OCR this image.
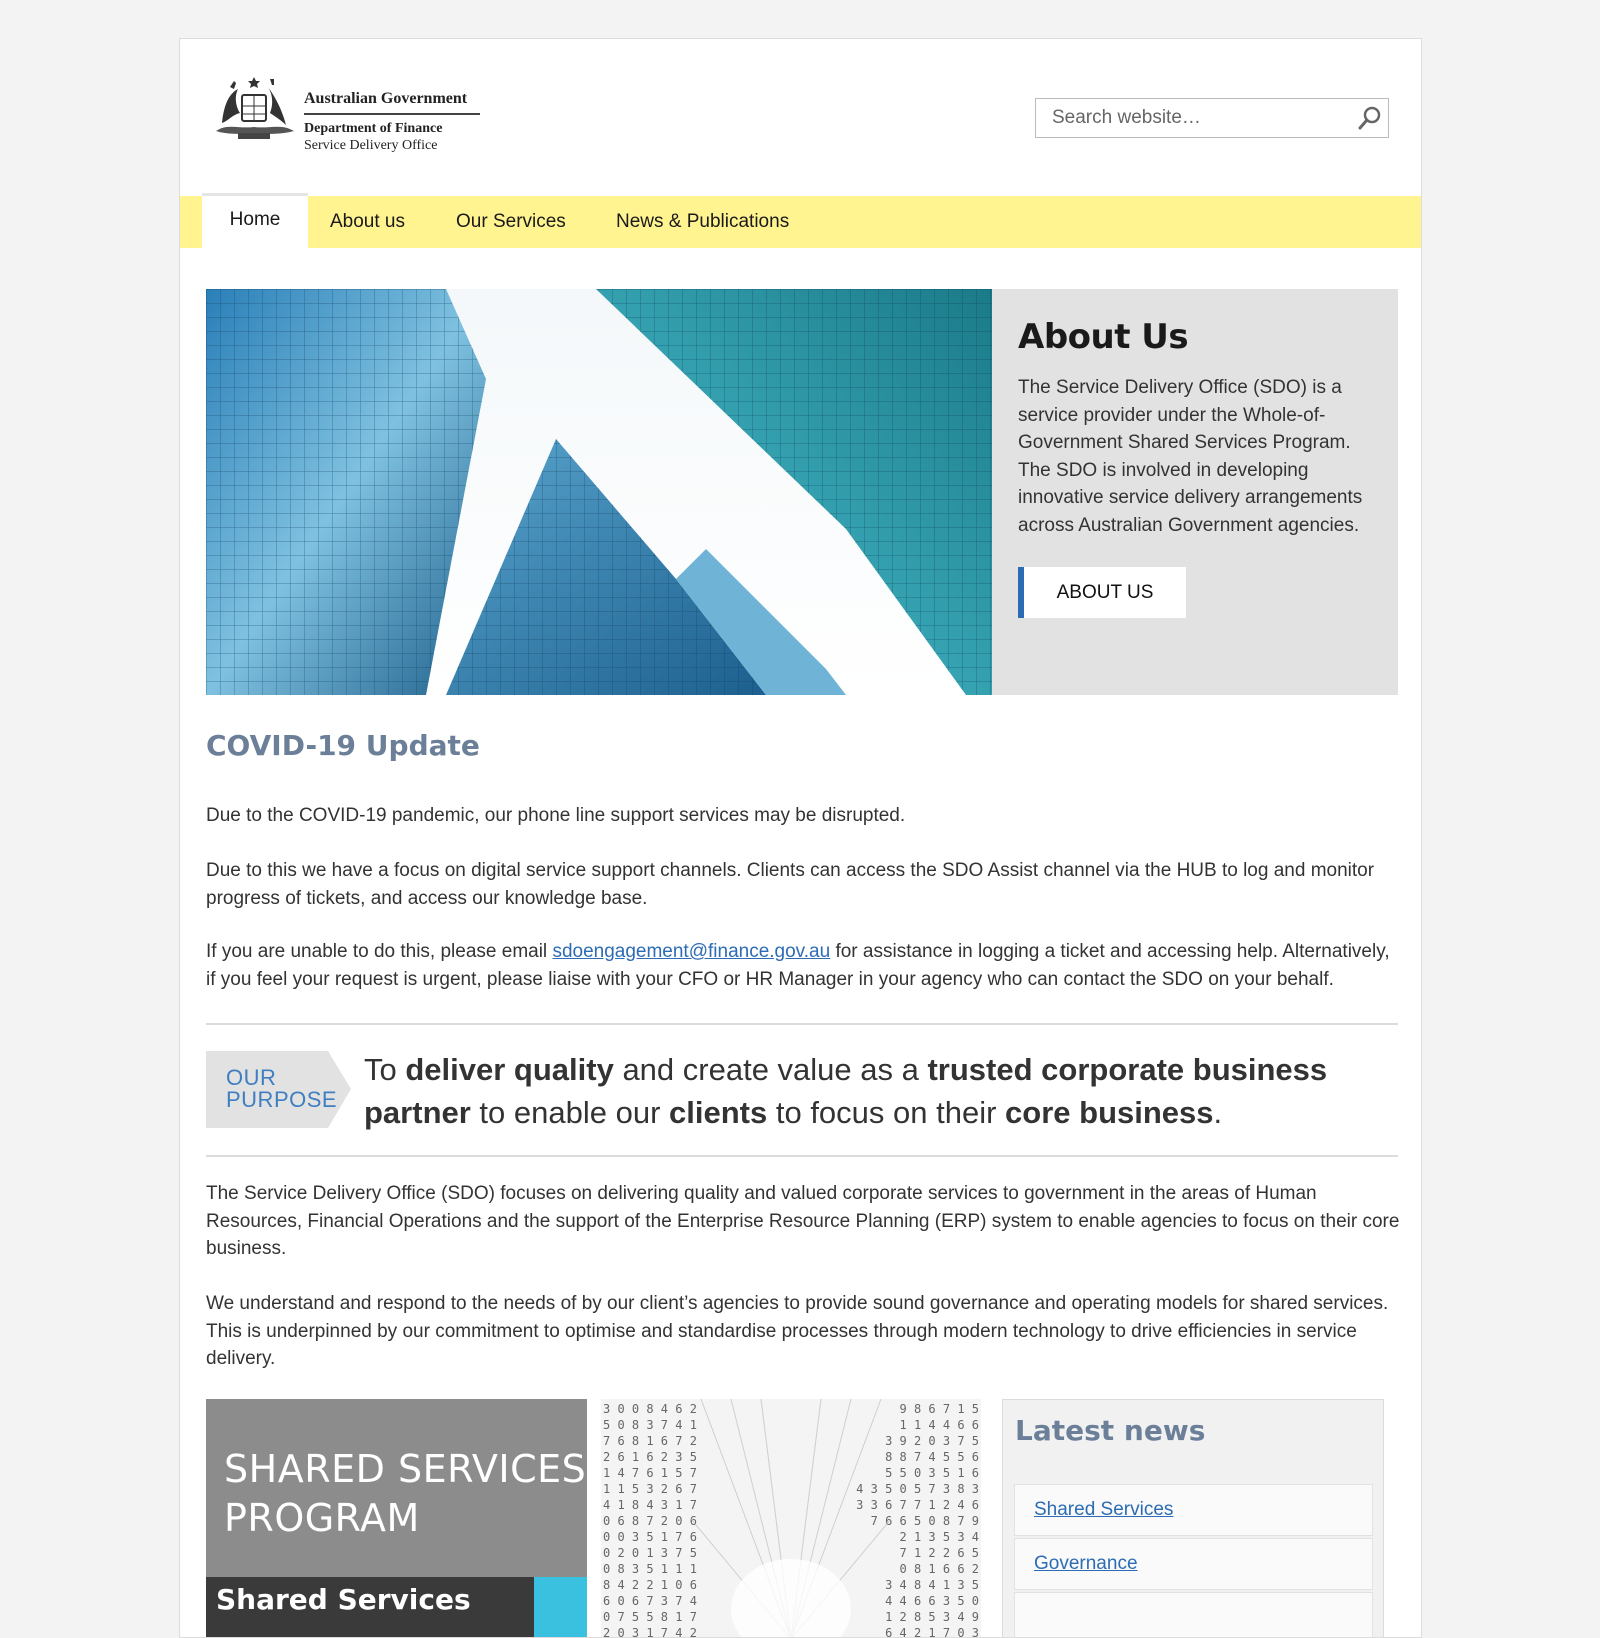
Australian Government
Department of Finance
Service Delivery Office
Search website…
Home	About us	Our Services	News & Publications
About Us
The Service Delivery Office (SDO) is a service provider under the Whole-of-Government Shared Services Program. The SDO is involved in developing innovative service delivery arrangements across Australian Government agencies.
ABOUT US
COVID-19 Update
Due to the COVID-19 pandemic, our phone line support services may be disrupted.
Due to this we have a focus on digital service support channels. Clients can access the SDO Assist channel via the HUB to log and monitor progress of tickets, and access our knowledge base.
If you are unable to do this, please email sdoengagement@finance.gov.au for assistance in logging a ticket and accessing help. Alternatively, if you feel your request is urgent, please liaise with your CFO or HR Manager in your agency who can contact the SDO on your behalf.
OUR
PURPOSE
To deliver quality and create value as a trusted corporate business partner to enable our clients to focus on their core business.
The Service Delivery Office (SDO) focuses on delivering quality and valued corporate services to government in the areas of Human Resources, Financial Operations and the support of the Enterprise Resource Planning (ERP) system to enable agencies to focus on their core business.
We understand and respond to the needs of by our client’s agencies to provide sound governance and operating models for shared services. This is underpinned by our commitment to optimise and standardise processes through modern technology to drive efficiencies in service delivery.
SHARED SERVICES
PROGRAM
Shared Services
3 0 0 8 4 6 2
5 0 8 3 7 4 1
7 6 8 1 6 7 2
2 6 1 6 2 3 5
1 4 7 6 1 5 7
1 1 5 3 2 6 7
4 1 8 4 3 1 7
0 6 8 7 2 0 6
0 0 3 5 1 7 6
0 2 0 1 3 7 5
0 8 3 5 1 1 1
8 4 2 2 1 0 6
6 0 6 7 3 7 4
0 7 5 5 8 1 7
2 0 3 1 7 4 2
9 8 6 7 1 5
1 1 4 4 6 6
3 9 2 0 3 7 5
8 8 7 4 5 5 6
5 5 0 3 5 1 6
4 3 5 0 5 7 3 8 3
3 3 6 7 7 1 2 4 6
7 6 6 5 0 8 7 9
2 1 3 5 3 4
7 1 2 2 6 5
0 8 1 6 6 2
3 4 8 4 1 3 5
4 4 6 6 3 5 0
1 2 8 5 3 4 9
6 4 2 1 7 0 3
Latest news
Shared Services
Governance
